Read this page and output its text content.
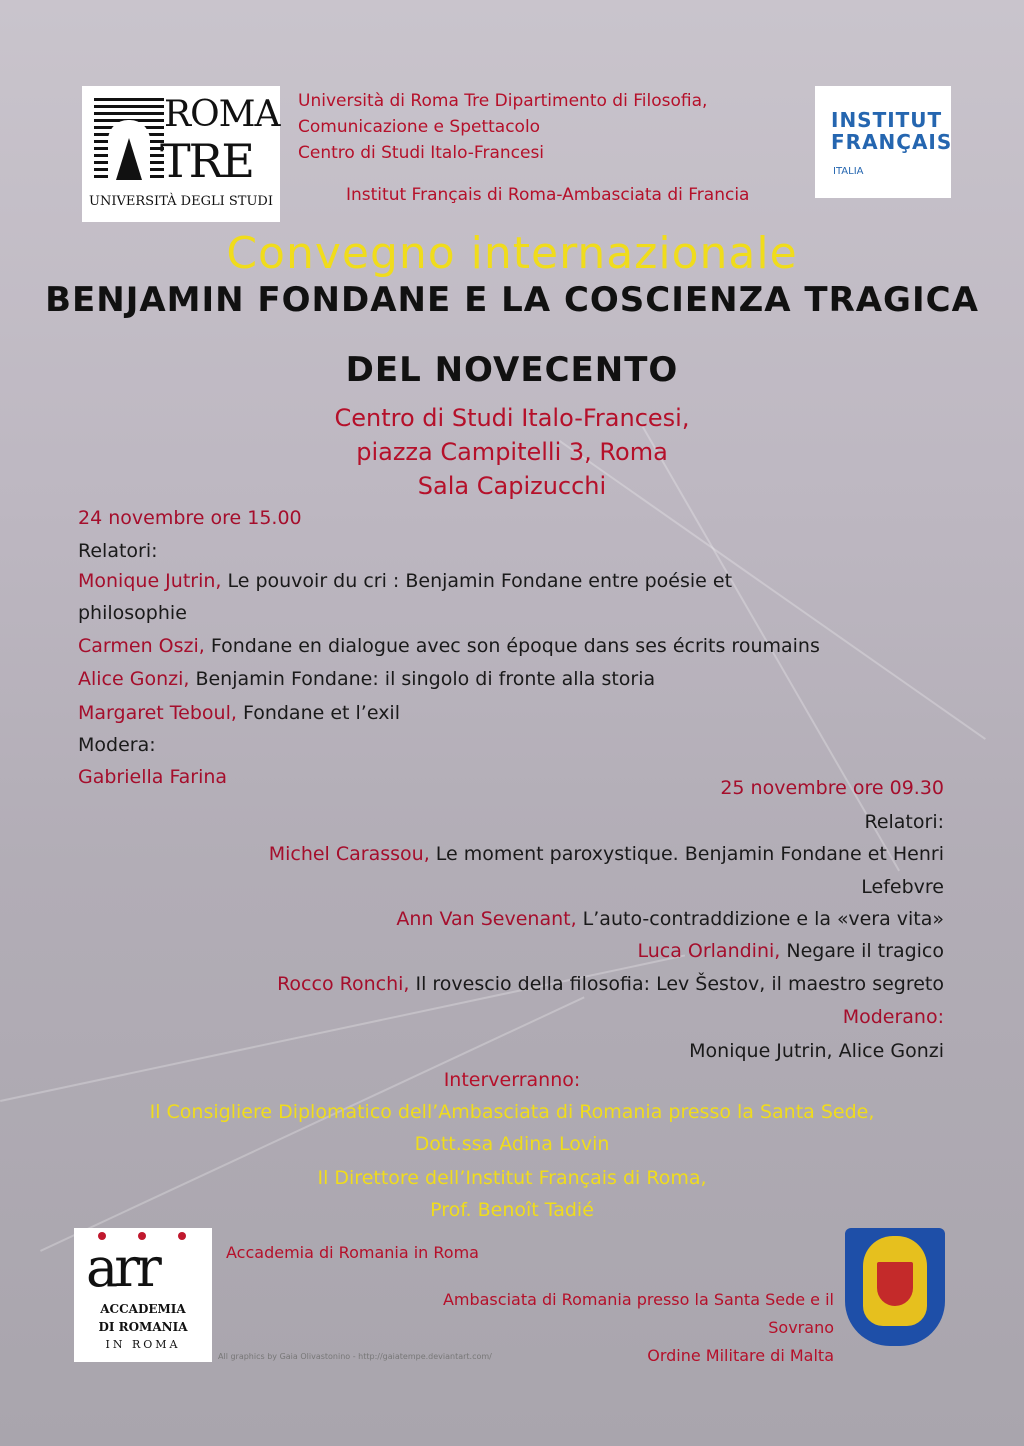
ROMA
TRE
UNIVERSITÀ DEGLI STUDI
Università di Roma Tre Dipartimento di Filosofia,
Comunicazione e Spettacolo
Centro di Studi Italo-Francesi
Institut Français di Roma-Ambasciata di Francia
INSTITUT
FRANÇAIS
ITALIA
Convegno internazionale
BENJAMIN FONDANE E LA COSCIENZA TRAGICA
DEL NOVECENTO
Centro di Studi Italo-Francesi,
piazza Campitelli 3, Roma
Sala Capizucchi
24 novembre ore 15.00
Relatori:
Monique Jutrin, Le pouvoir du cri : Benjamin Fondane entre poésie et
philosophie
Carmen Oszi, Fondane en dialogue avec son époque dans ses écrits roumains
Alice Gonzi, Benjamin Fondane: il singolo di fronte alla storia
Margaret Teboul, Fondane et l’exil
Modera:
Gabriella Farina	25 novembre ore 09.30
Relatori:
Michel Carassou, Le moment paroxystique. Benjamin Fondane et Henri
Lefebvre
Ann Van Sevenant, L’auto-contraddizione e la «vera vita»
Luca Orlandini, Negare il tragico
Rocco Ronchi, Il rovescio della filosofia: Lev Šestov, il maestro segreto
Moderano:
Monique Jutrin, Alice Gonzi
Interverranno:
Il Consigliere Diplomatico dell’Ambasciata di Romania presso la Santa Sede,
Dott.ssa Adina Lovin
Il Direttore dell’Institut Français di Roma,
Prof. Benoît Tadié
arr
ACCADEMIA
DI ROMANIA
IN ROMA
Accademia di Romania in Roma
Ambasciata di Romania presso la Santa Sede e il
Sovrano
Ordine Militare di Malta
All graphics by Gaia Olivastonino - http://gaiatempe.deviantart.com/
